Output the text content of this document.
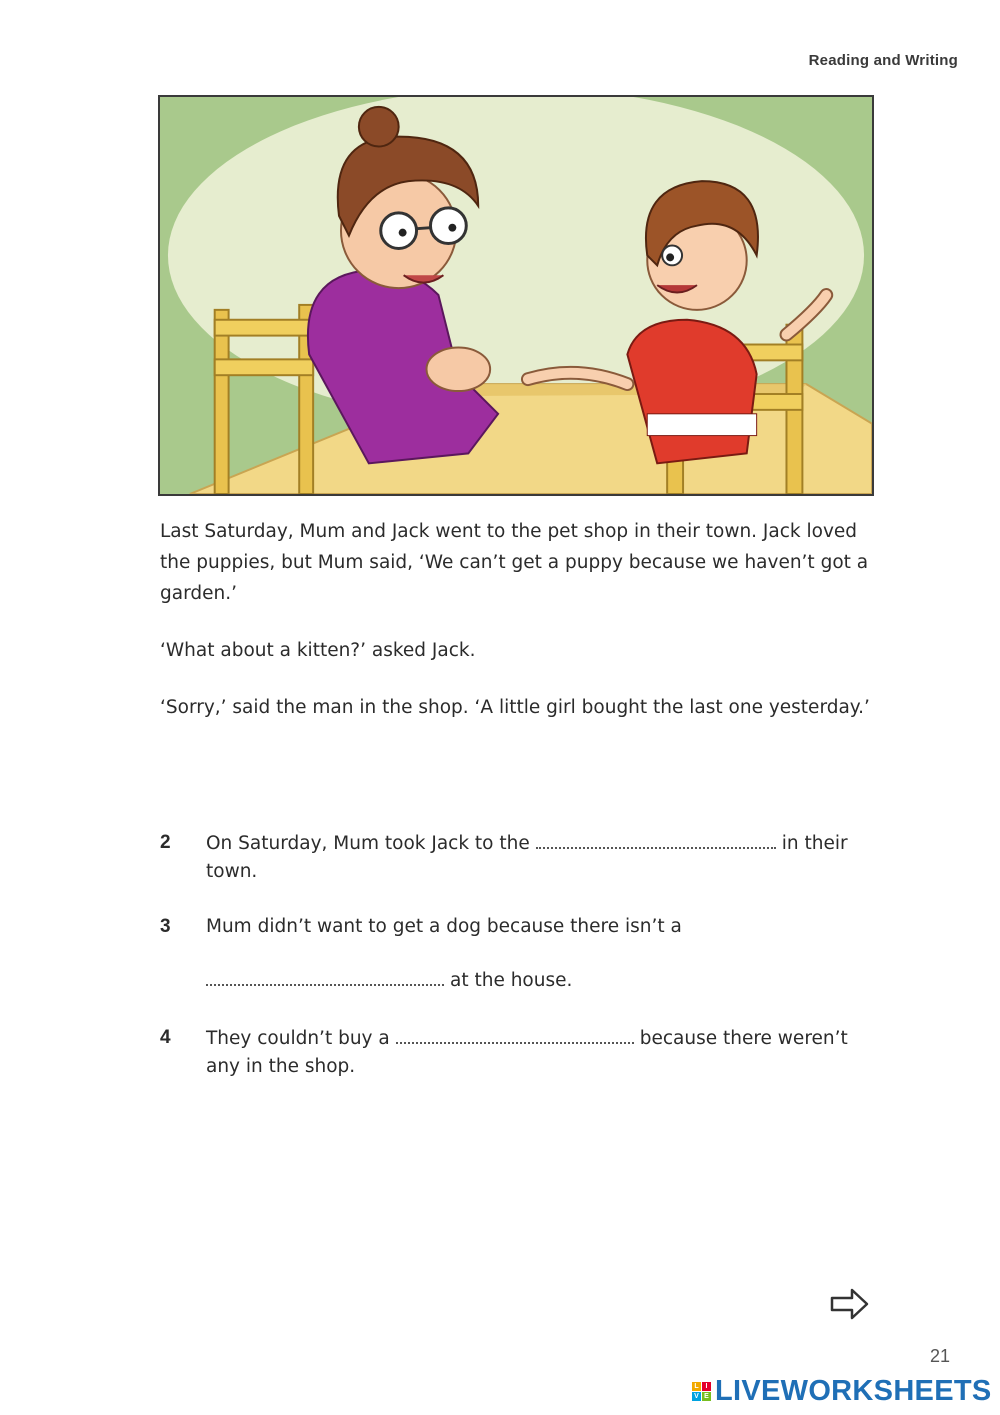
Reading and Writing

Last Saturday, Mum and Jack went to the pet shop in their town. Jack loved the puppies, but Mum said, ‘We can’t get a puppy because we haven’t got a garden.’

‘What about a kitten?’ asked Jack.

‘Sorry,’ said the man in the shop. ‘A little girl bought the last one yesterday.’

2 On Saturday, Mum took Jack to the	in their town.
3 Mum didn’t want to get a dog because there isn’t a
at the house.
4 They couldn’t buy a	because there weren’t any in the shop.
21
L I
V E LIVEWORKSHEETS
